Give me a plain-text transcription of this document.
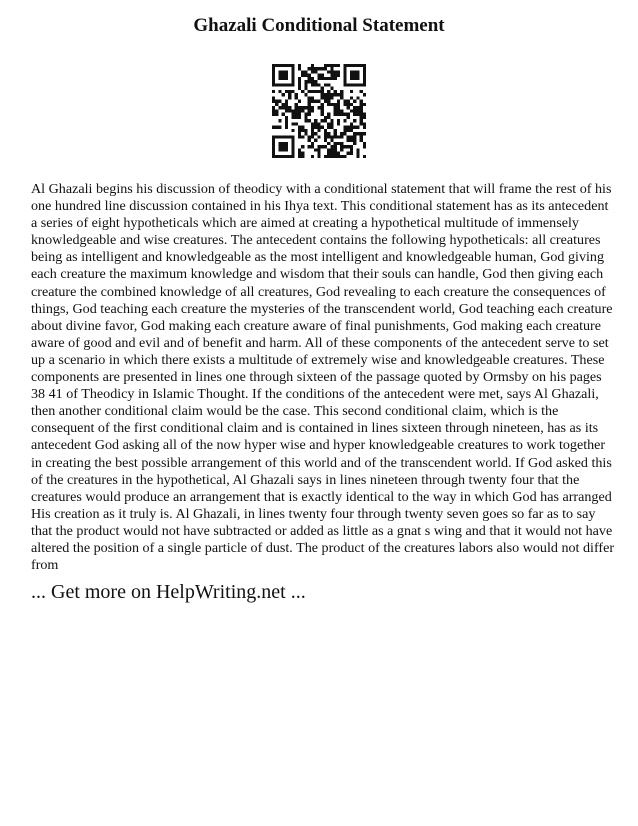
Ghazali Conditional Statement

Al Ghazali begins his discussion of theodicy with a conditional statement that will frame the rest of his one hundred line discussion contained in his Ihya text. This conditional statement has as its antecedent a series of eight hypotheticals which are aimed at creating a hypothetical multitude of immensely knowledgeable and wise creatures. The antecedent contains the following hypotheticals: all creatures being as intelligent and knowledgeable as the most intelligent and knowledgeable human, God giving each creature the maximum knowledge and wisdom that their souls can handle, God then giving each creature the combined knowledge of all creatures, God revealing to each creature the consequences of things, God teaching each creature the mysteries of the transcendent world, God teaching each creature about divine favor, God making each creature aware of final punishments, God making each creature aware of good and evil and of benefit and harm. All of these components of the antecedent serve to set up a scenario in which there exists a multitude of extremely wise and knowledgeable creatures. These components are presented in lines one through sixteen of the passage quoted by Ormsby on his pages 38 41 of Theodicy in Islamic Thought. If the conditions of the antecedent were met, says Al Ghazali, then another conditional claim would be the case. This second conditional claim, which is the consequent of the first conditional claim and is contained in lines sixteen through nineteen, has as its antecedent God asking all of the now hyper wise and hyper knowledgeable creatures to work together in creating the best possible arrangement of this world and of the transcendent world. If God asked this of the creatures in the hypothetical, Al Ghazali says in lines nineteen through twenty four that the creatures would produce an arrangement that is exactly identical to the way in which God has arranged His creation as it truly is. Al Ghazali, in lines twenty four through twenty seven goes so far as to say that the product would not have subtracted or added as little as a gnat s wing and that it would not have altered the position of a single particle of dust. The product of the creatures labors also would not differ from

... Get more on HelpWriting.net ...
